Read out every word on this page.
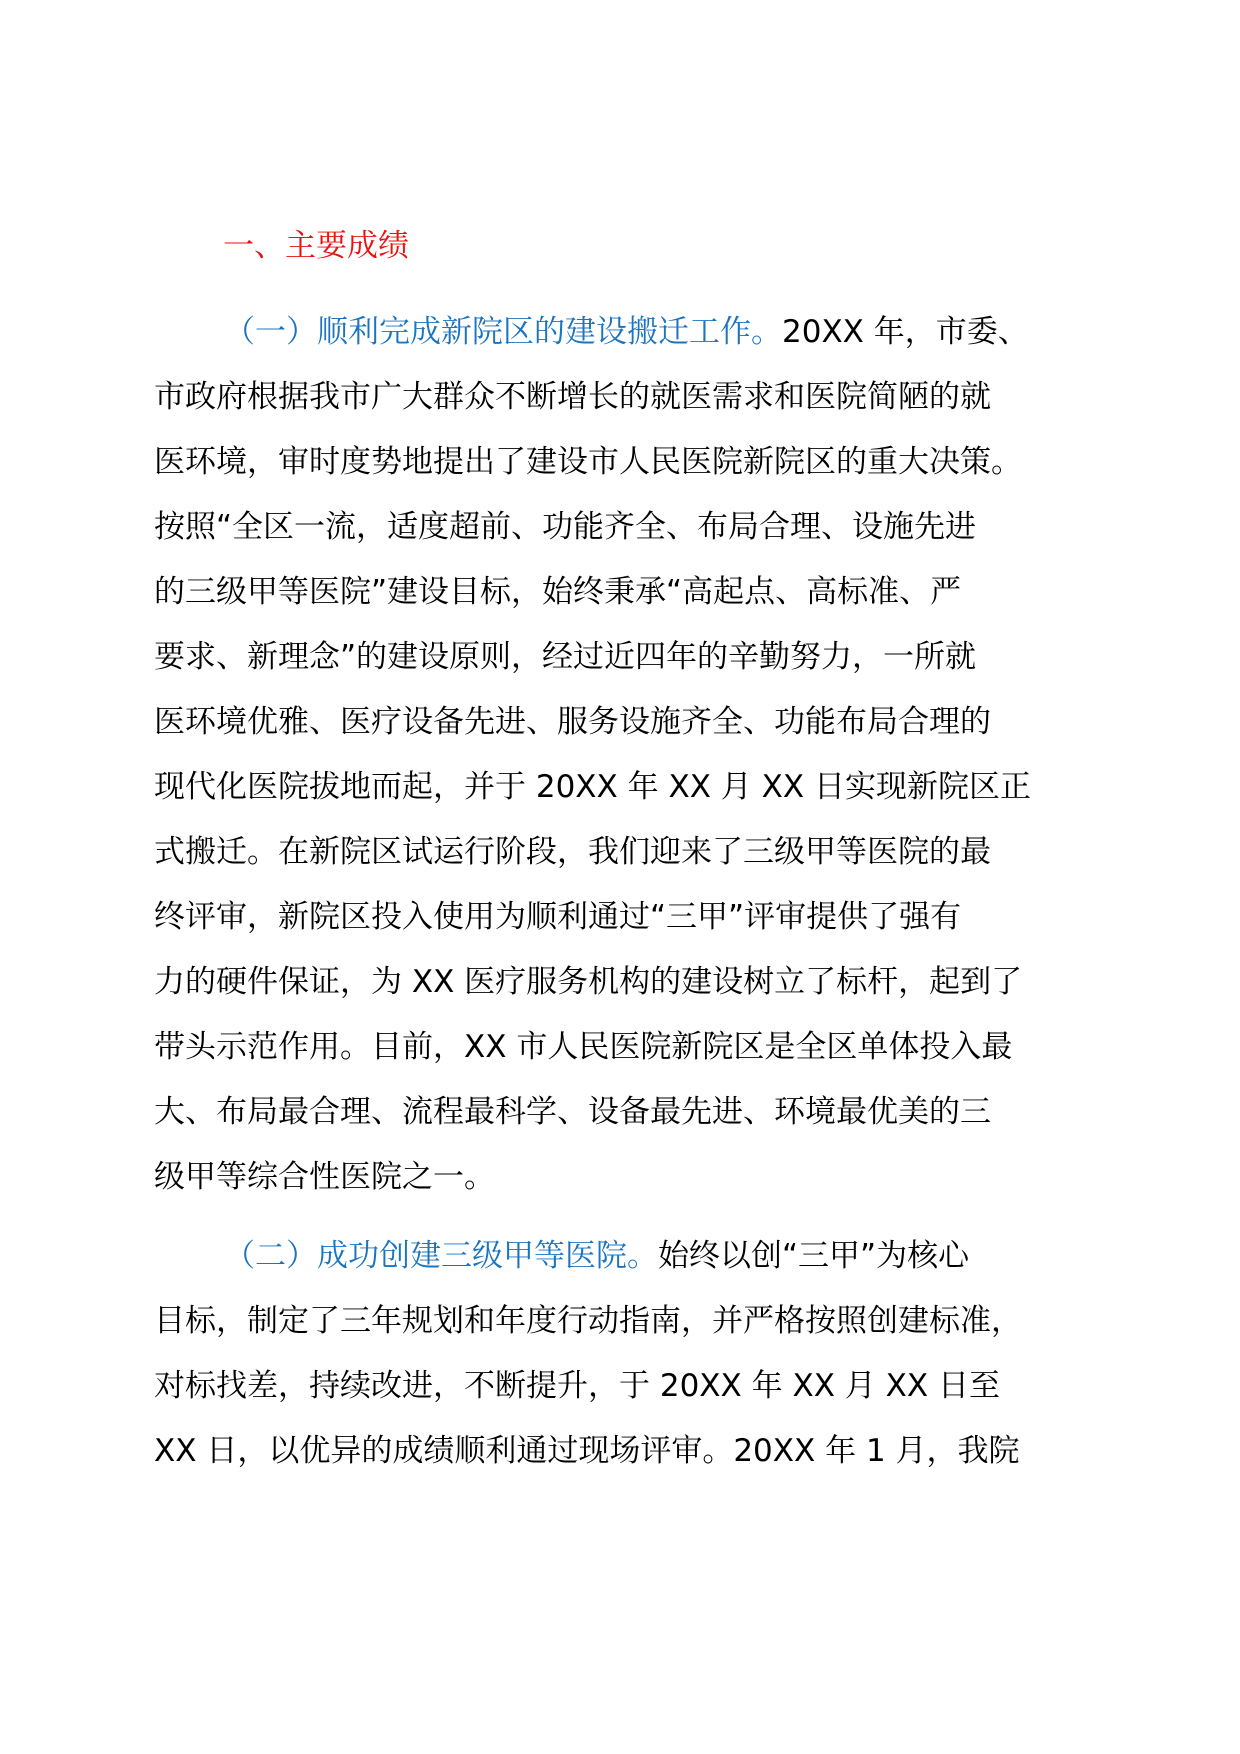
一、主要成绩
（一）顺利完成新院区的建设搬迁工作。20XX 年，市委、
市政府根据我市广大群众不断增长的就医需求和医院简陋的就
医环境，审时度势地提出了建设市人民医院新院区的重大决策。
按照“全区一流，适度超前、功能齐全、布局合理、设施先进
的三级甲等医院”建设目标，始终秉承“高起点、高标准、严
要求、新理念”的建设原则，经过近四年的辛勤努力，一所就
医环境优雅、医疗设备先进、服务设施齐全、功能布局合理的
现代化医院拔地而起，并于 20XX 年 XX 月 XX 日实现新院区正
式搬迁。在新院区试运行阶段，我们迎来了三级甲等医院的最
终评审，新院区投入使用为顺利通过“三甲”评审提供了强有
力的硬件保证，为 XX 医疗服务机构的建设树立了标杆，起到了
带头示范作用。目前，XX 市人民医院新院区是全区单体投入最
大、布局最合理、流程最科学、设备最先进、环境最优美的三
级甲等综合性医院之一。
（二）成功创建三级甲等医院。始终以创“三甲”为核心
目标，制定了三年规划和年度行动指南，并严格按照创建标准，
对标找差，持续改进，不断提升，于 20XX 年 XX 月 XX 日至
XX 日，以优异的成绩顺利通过现场评审。20XX 年 1 月，我院
